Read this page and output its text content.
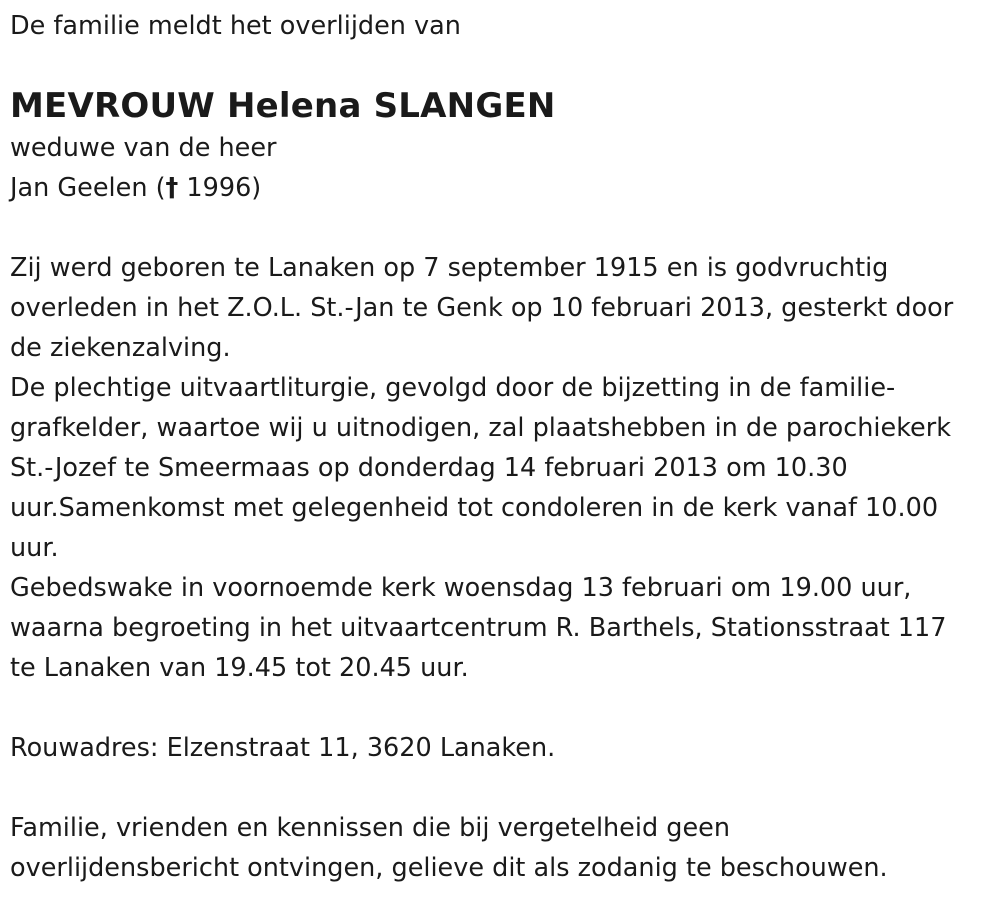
De familie meldt het overlijden van

MEVROUW Helena SLANGEN

weduwe van de heer

Jan Geelen († 1996)

Zij werd geboren te Lanaken op 7 september 1915 en is godvruchtig

overleden in het Z.O.L. St.-Jan te Genk op 10 februari 2013, gesterkt door

de ziekenzalving.

De plechtige uitvaartliturgie, gevolgd door de bijzetting in de familie-

grafkelder, waartoe wij u uitnodigen, zal plaatshebben in de parochiekerk

St.-Jozef te Smeermaas op donderdag 14 februari 2013 om 10.30

uur.Samenkomst met gelegenheid tot condoleren in de kerk vanaf 10.00

uur.

Gebedswake in voornoemde kerk woensdag 13 februari om 19.00 uur,

waarna begroeting in het uitvaartcentrum R. Barthels, Stationsstraat 117

te Lanaken van 19.45 tot 20.45 uur.

Rouwadres: Elzenstraat 11, 3620 Lanaken.

Familie, vrienden en kennissen die bij vergetelheid geen

overlijdensbericht ontvingen, gelieve dit als zodanig te beschouwen.
